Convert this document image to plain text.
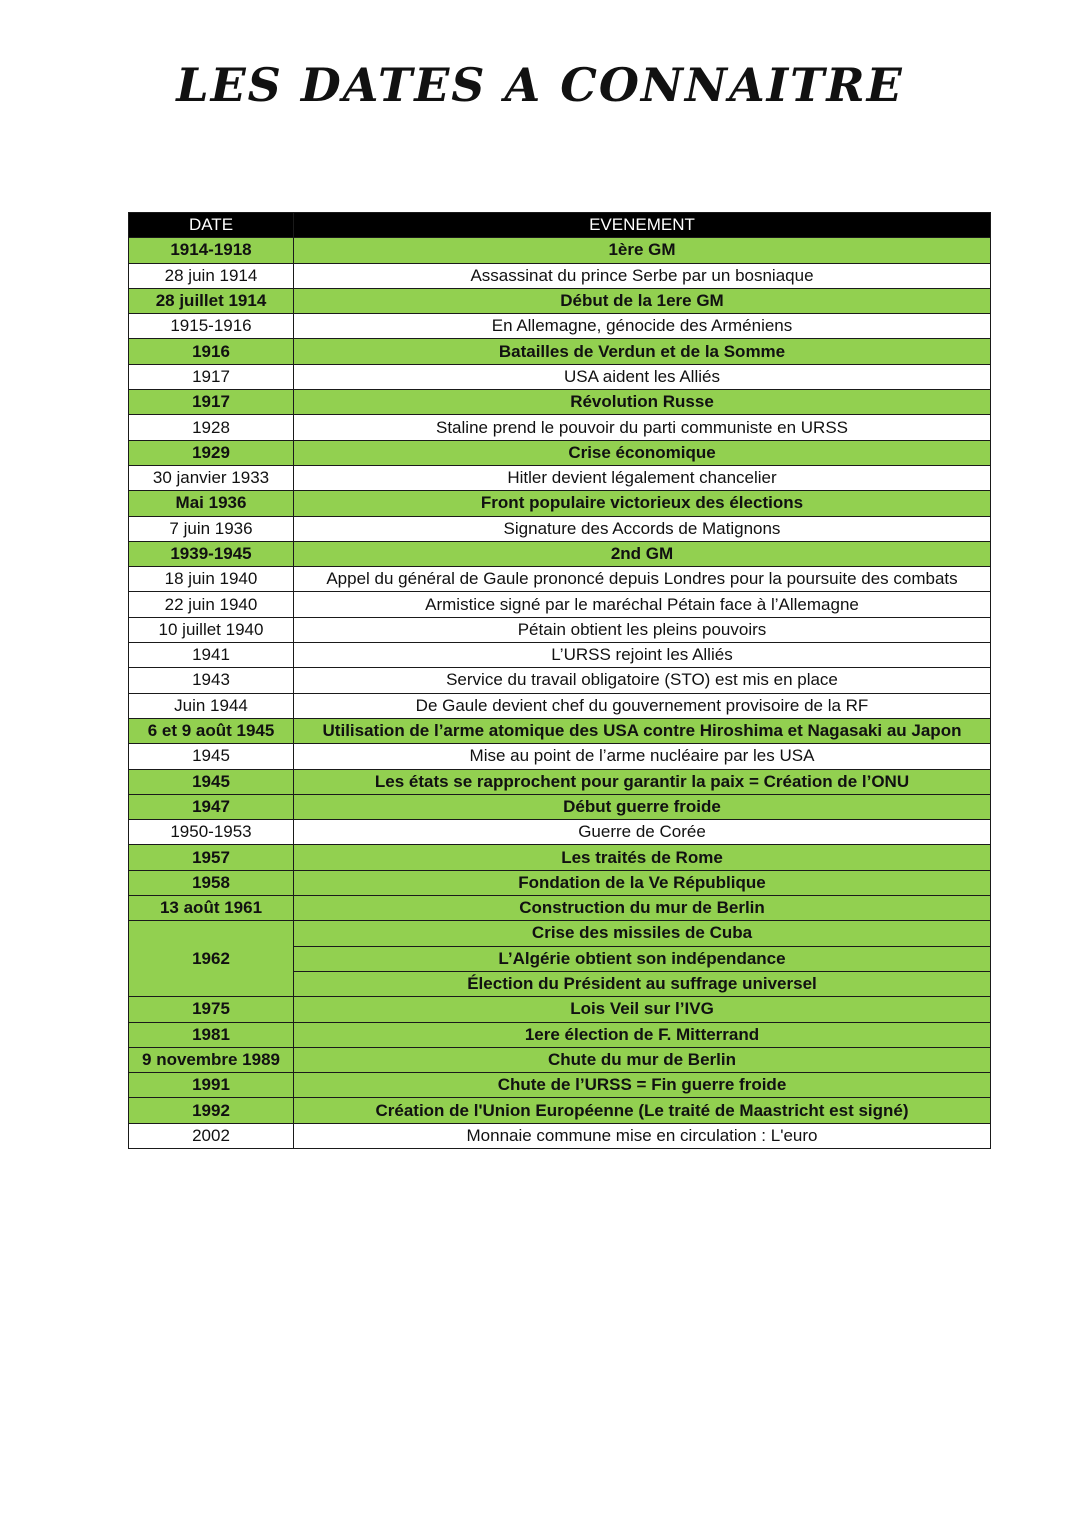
LES DATES A CONNAITRE
DATE	EVENEMENT
1914-1918	1ère GM
28 juin 1914	Assassinat du prince Serbe par un bosniaque
28 juillet 1914	Début de la 1ere GM
1915-1916	En Allemagne, génocide des Arméniens
1916	Batailles de Verdun et de la Somme
1917	USA aident les Alliés
1917	Révolution Russe
1928	Staline prend le pouvoir du parti communiste en URSS
1929	Crise économique
30 janvier 1933	Hitler devient légalement chancelier
Mai 1936	Front populaire victorieux des élections
7 juin 1936	Signature des Accords de Matignons
1939-1945	2nd GM
18 juin 1940	Appel du général de Gaule prononcé depuis Londres pour la poursuite des combats
22 juin 1940	Armistice signé par le maréchal Pétain face à l’Allemagne
10 juillet 1940	Pétain obtient les pleins pouvoirs
1941	L’URSS rejoint les Alliés
1943	Service du travail obligatoire (STO) est mis en place
Juin 1944	De Gaule devient chef du gouvernement provisoire de la RF
6 et 9 août 1945	Utilisation de l’arme atomique des USA contre Hiroshima et Nagasaki au Japon
1945	Mise au point de l’arme nucléaire par les USA
1945	Les états se rapprochent pour garantir la paix = Création de l’ONU
1947	Début guerre froide
1950-1953	Guerre de Corée
1957	Les traités de Rome
1958	Fondation de la Ve République
13 août 1961	Construction du mur de Berlin
1962	Crise des missiles de Cuba
	L’Algérie obtient son indépendance
	Élection du Président au suffrage universel
1975	Lois Veil sur l’IVG
1981	1ere élection de F. Mitterrand
9 novembre 1989	Chute du mur de Berlin
1991	Chute de l’URSS = Fin guerre froide
1992	Création de l'Union Européenne (Le traité de Maastricht est signé)
2002	Monnaie commune mise en circulation : L'euro
